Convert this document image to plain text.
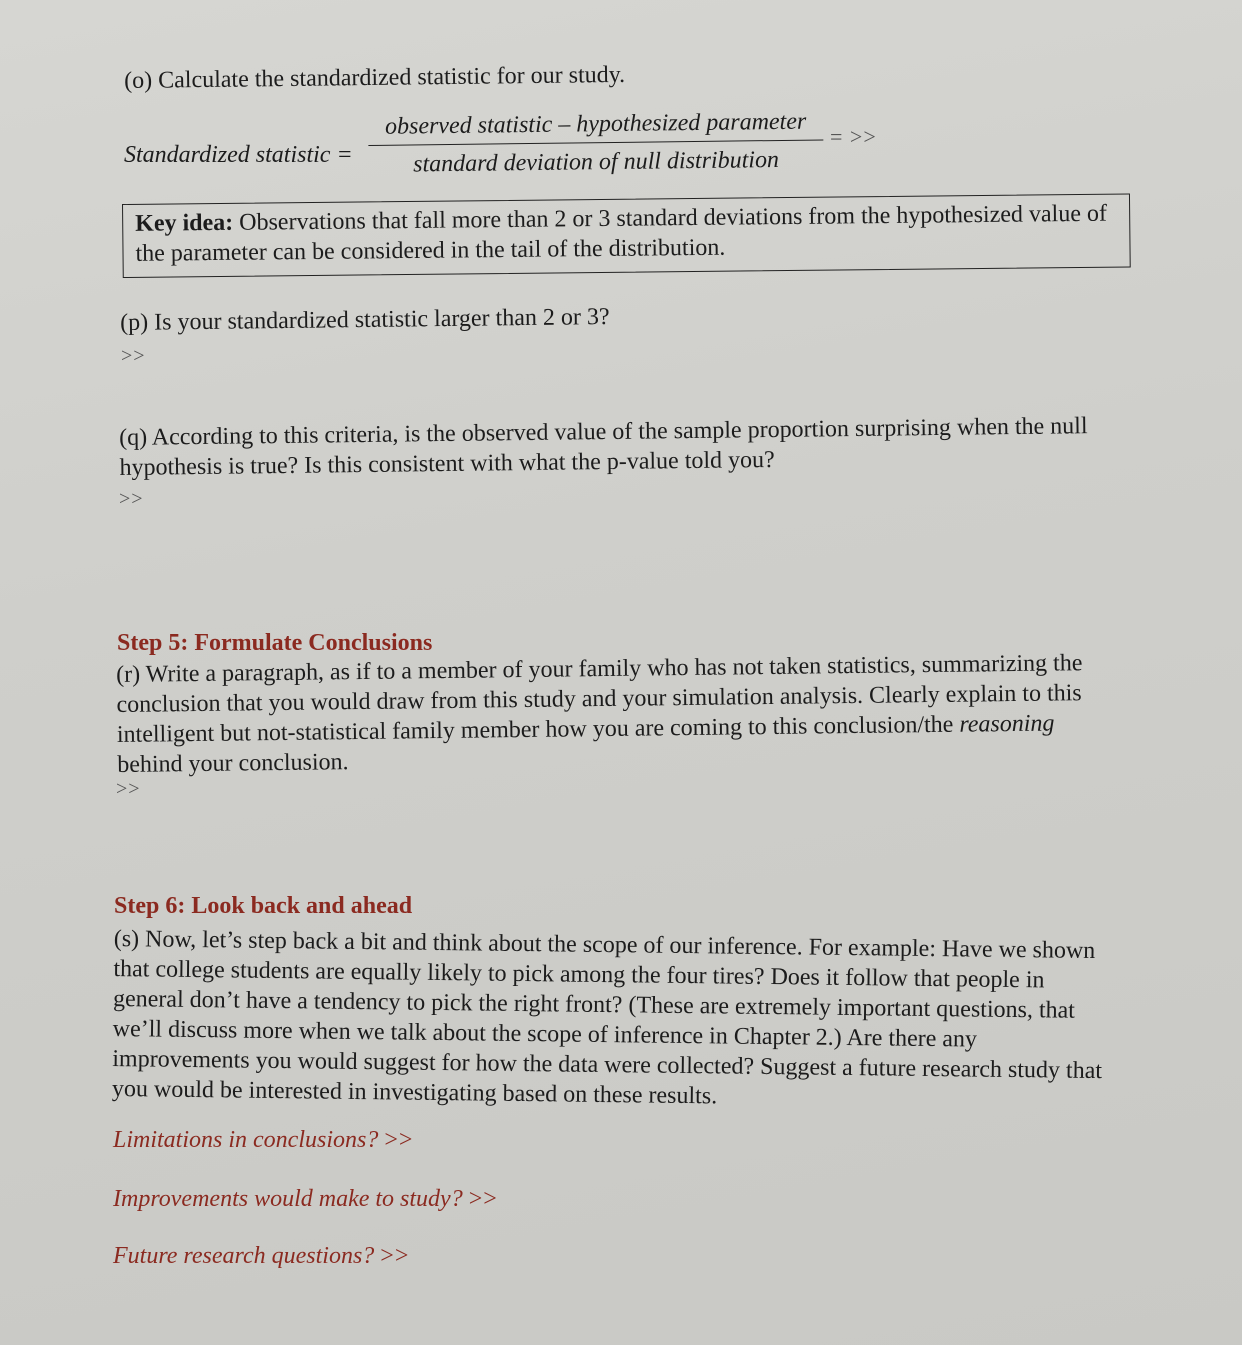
(o) Calculate the standardized statistic for our study.
Standardized statistic =
observed statistic – hypothesized parameter
standard deviation of null distribution
= >>
Key idea: Observations that fall more than 2 or 3 standard deviations from the hypothesized value of the parameter can be considered in the tail of the distribution.
(p) Is your standardized statistic larger than 2 or 3?
>>
(q) According to this criteria, is the observed value of the sample proportion surprising when the null hypothesis is true? Is this consistent with what the p-value told you?
>>
Step 5: Formulate Conclusions
(r) Write a paragraph, as if to a member of your family who has not taken statistics, summarizing the conclusion that you would draw from this study and your simulation analysis. Clearly explain to this intelligent but not-statistical family member how you are coming to this conclusion/the reasoning behind your conclusion.
>>
Step 6: Look back and ahead
(s) Now, let’s step back a bit and think about the scope of our inference. For example: Have we shown that college students are equally likely to pick among the four tires? Does it follow that people in general don’t have a tendency to pick the right front? (These are extremely important questions, that we’ll discuss more when we talk about the scope of inference in Chapter 2.) Are there any improvements you would suggest for how the data were collected? Suggest a future research study that you would be interested in investigating based on these results.
Limitations in conclusions? >>
Improvements would make to study? >>
Future research questions? >>
